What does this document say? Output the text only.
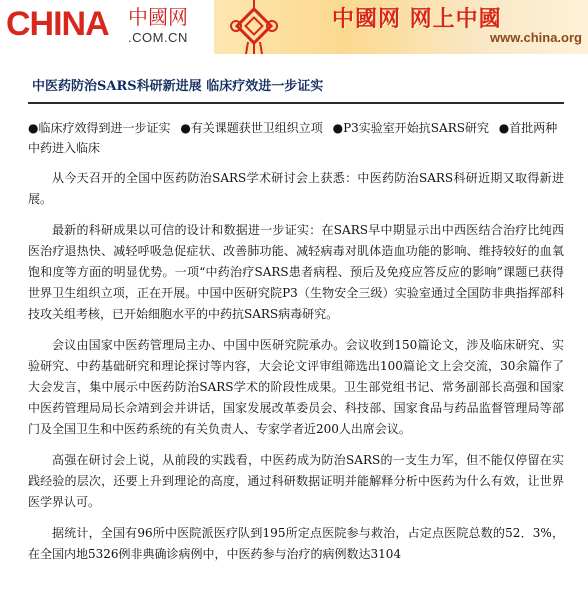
CHINA 中國网
.COM.CN
中國网 网上中國
www.china.org
中医药防治SARS科研新进展 临床疗效进一步证实
●临床疗效得到进一步证实 ●有关课题获世卫组织立项 ●P3实验室开始抗SARS研究 ●首批两种中药进入临床

从今天召开的全国中医药防治SARS学术研讨会上获悉：中医药防治SARS科研近期又取得新进展。

最新的科研成果以可信的设计和数据进一步证实：在SARS早中期显示出中西医结合治疗比纯西医治疗退热快、减轻呼吸急促症状、改善肺功能、减轻病毒对肌体造血功能的影响、维持较好的血氧饱和度等方面的明显优势。一项“中药治疗SARS患者病程、预后及免疫应答反应的影响”课题已获得世界卫生组织立项，正在开展。中国中医研究院P3（生物安全三级）实验室通过全国防非典指挥部科技攻关组考核，已开始细胞水平的中药抗SARS病毒研究。

会议由国家中医药管理局主办、中国中医研究院承办。会议收到150篇论文，涉及临床研究、实验研究、中药基础研究和理论探讨等内容，大会论文评审组筛选出100篇论文上会交流，30余篇作了大会发言，集中展示中医药防治SARS学术的阶段性成果。卫生部党组书记、常务副部长高强和国家中医药管理局局长佘靖到会并讲话，国家发展改革委员会、科技部、国家食品与药品监督管理局等部门及全国卫生和中医药系统的有关负责人、专家学者近200人出席会议。

高强在研讨会上说，从前段的实践看，中医药成为防治SARS的一支生力军，但不能仅停留在实践经验的层次，还要上升到理论的高度，通过科研数据证明并能解释分析中医药为什么有效，让世界医学界认可。

据统计，全国有96所中医院派医疗队到195所定点医院参与救治，占定点医院总数的52．3%，在全国内地5326例非典确诊病例中，中医药参与治疗的病例数达3104
